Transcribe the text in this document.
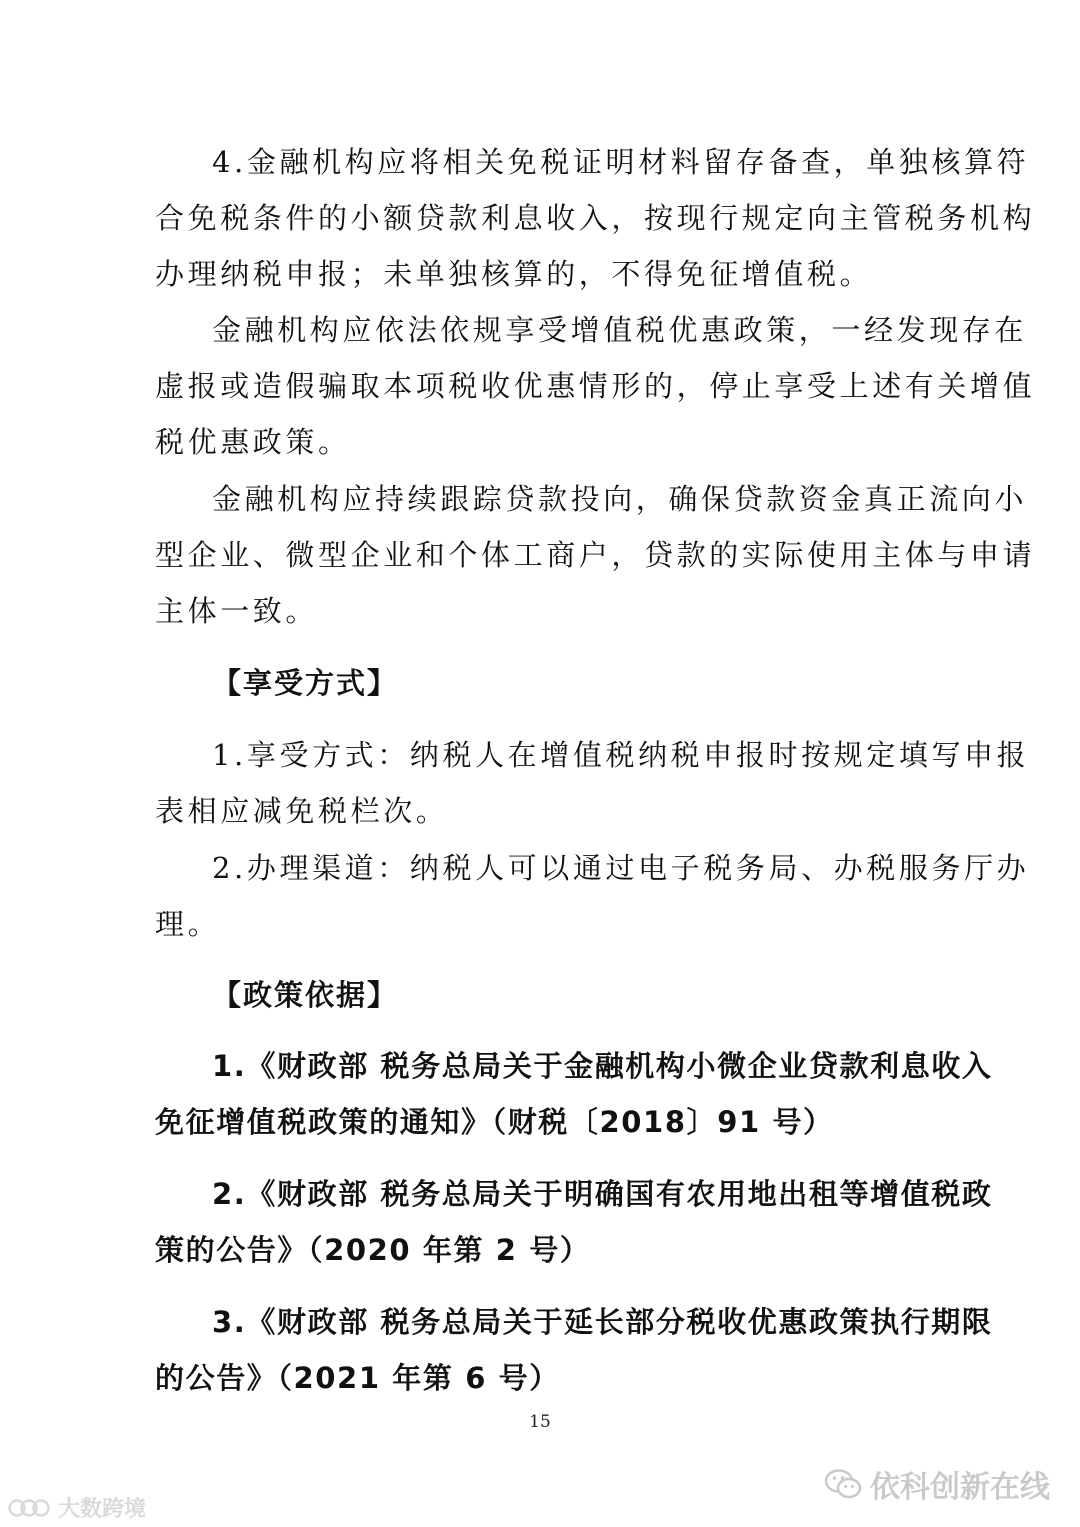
4.金融机构应将相关免税证明材料留存备查，单独核算符
合免税条件的小额贷款利息收入，按现行规定向主管税务机构
办理纳税申报；未单独核算的，不得免征增值税。
金融机构应依法依规享受增值税优惠政策，一经发现存在
虚报或造假骗取本项税收优惠情形的，停止享受上述有关增值
税优惠政策。
金融机构应持续跟踪贷款投向，确保贷款资金真正流向小
型企业、微型企业和个体工商户，贷款的实际使用主体与申请
主体一致。
【享受方式】
1.享受方式：纳税人在增值税纳税申报时按规定填写申报
表相应减免税栏次。
2.办理渠道：纳税人可以通过电子税务局、办税服务厅办
理。
【政策依据】
1.《财政部 税务总局关于金融机构小微企业贷款利息收入
免征增值税政策的通知》（财税〔2018〕91 号）
2.《财政部 税务总局关于明确国有农用地出租等增值税政
策的公告》（2020 年第 2 号）
3.《财政部 税务总局关于延长部分税收优惠政策执行期限
的公告》（2021 年第 6 号）
15
依科创新在线
大数跨境
